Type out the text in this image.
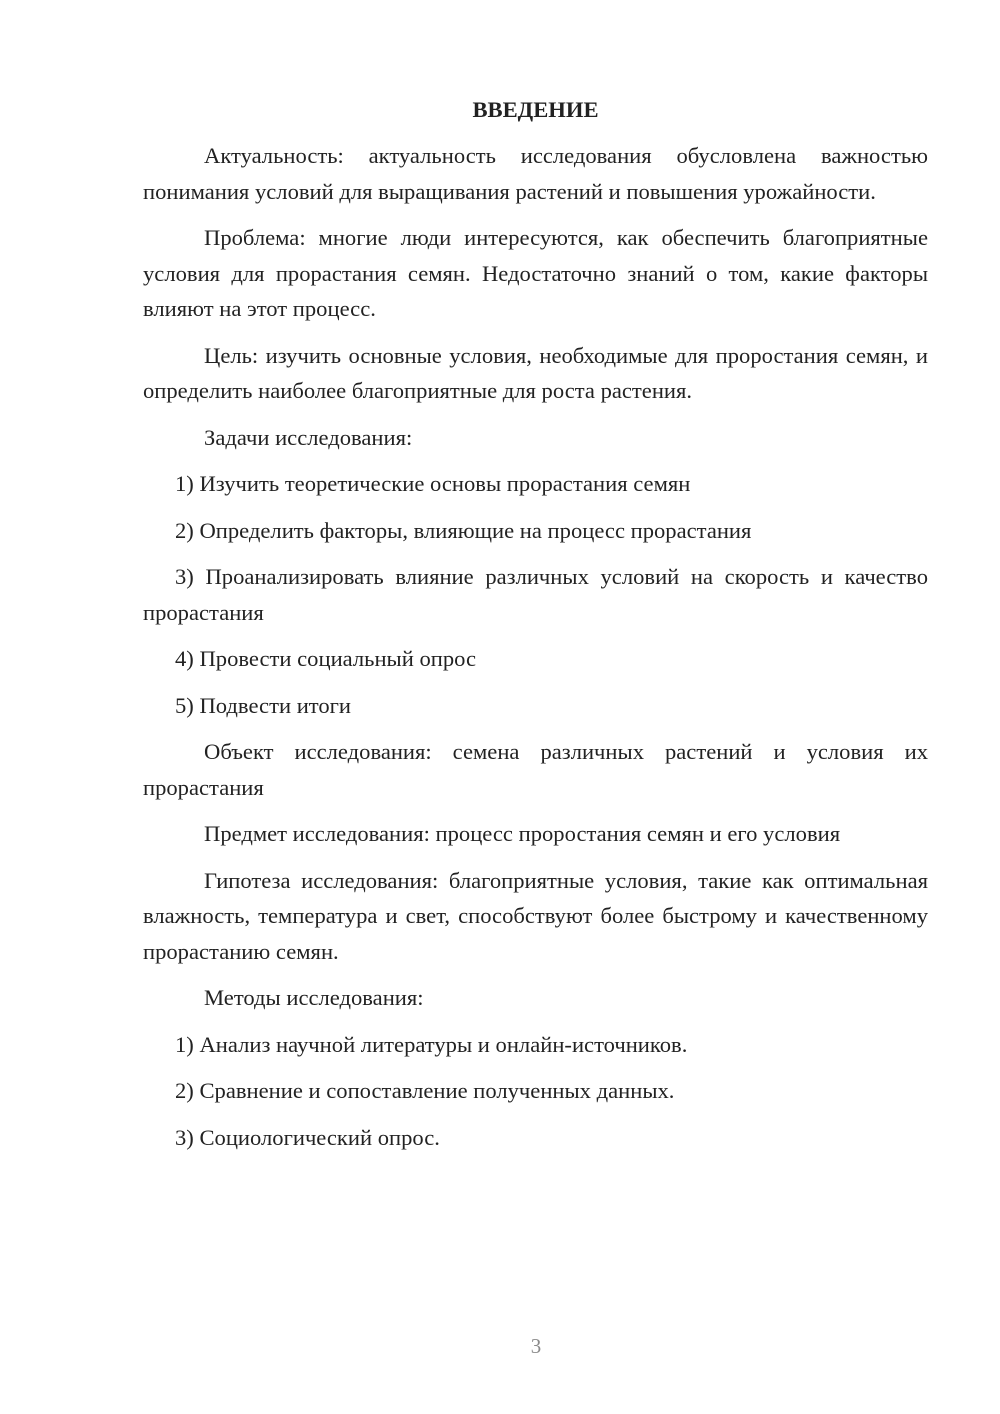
ВВЕДЕНИЕ

Актуальность: актуальность исследования обусловлена важностью понимания условий для выращивания растений и повышения урожайности.

Проблема: многие люди интересуются, как обеспечить благоприятные условия для прорастания семян. Недостаточно знаний о том, какие факторы влияют на этот процесс.

Цель: изучить основные условия, необходимые для проростания семян, и определить наиболее благоприятные для роста растения.

Задачи исследования:

1) Изучить теоретические основы прорастания семян

2) Определить факторы, влияющие на процесс прорастания

3) Проанализировать влияние различных условий на скорость и качество прорастания

4) Провести социальный опрос

5) Подвести итоги

Объект исследования: семена различных растений и условия их прорастания

Предмет исследования: процесс проростания семян и его условия

Гипотеза исследования: благоприятные условия, такие как оптимальная влажность, температура и свет, способствуют более быстрому и качественному прорастанию семян.

Методы исследования:

1) Анализ научной литературы и онлайн-источников.

2) Сравнение и сопоставление полученных данных.

3) Социологический опрос.

3
